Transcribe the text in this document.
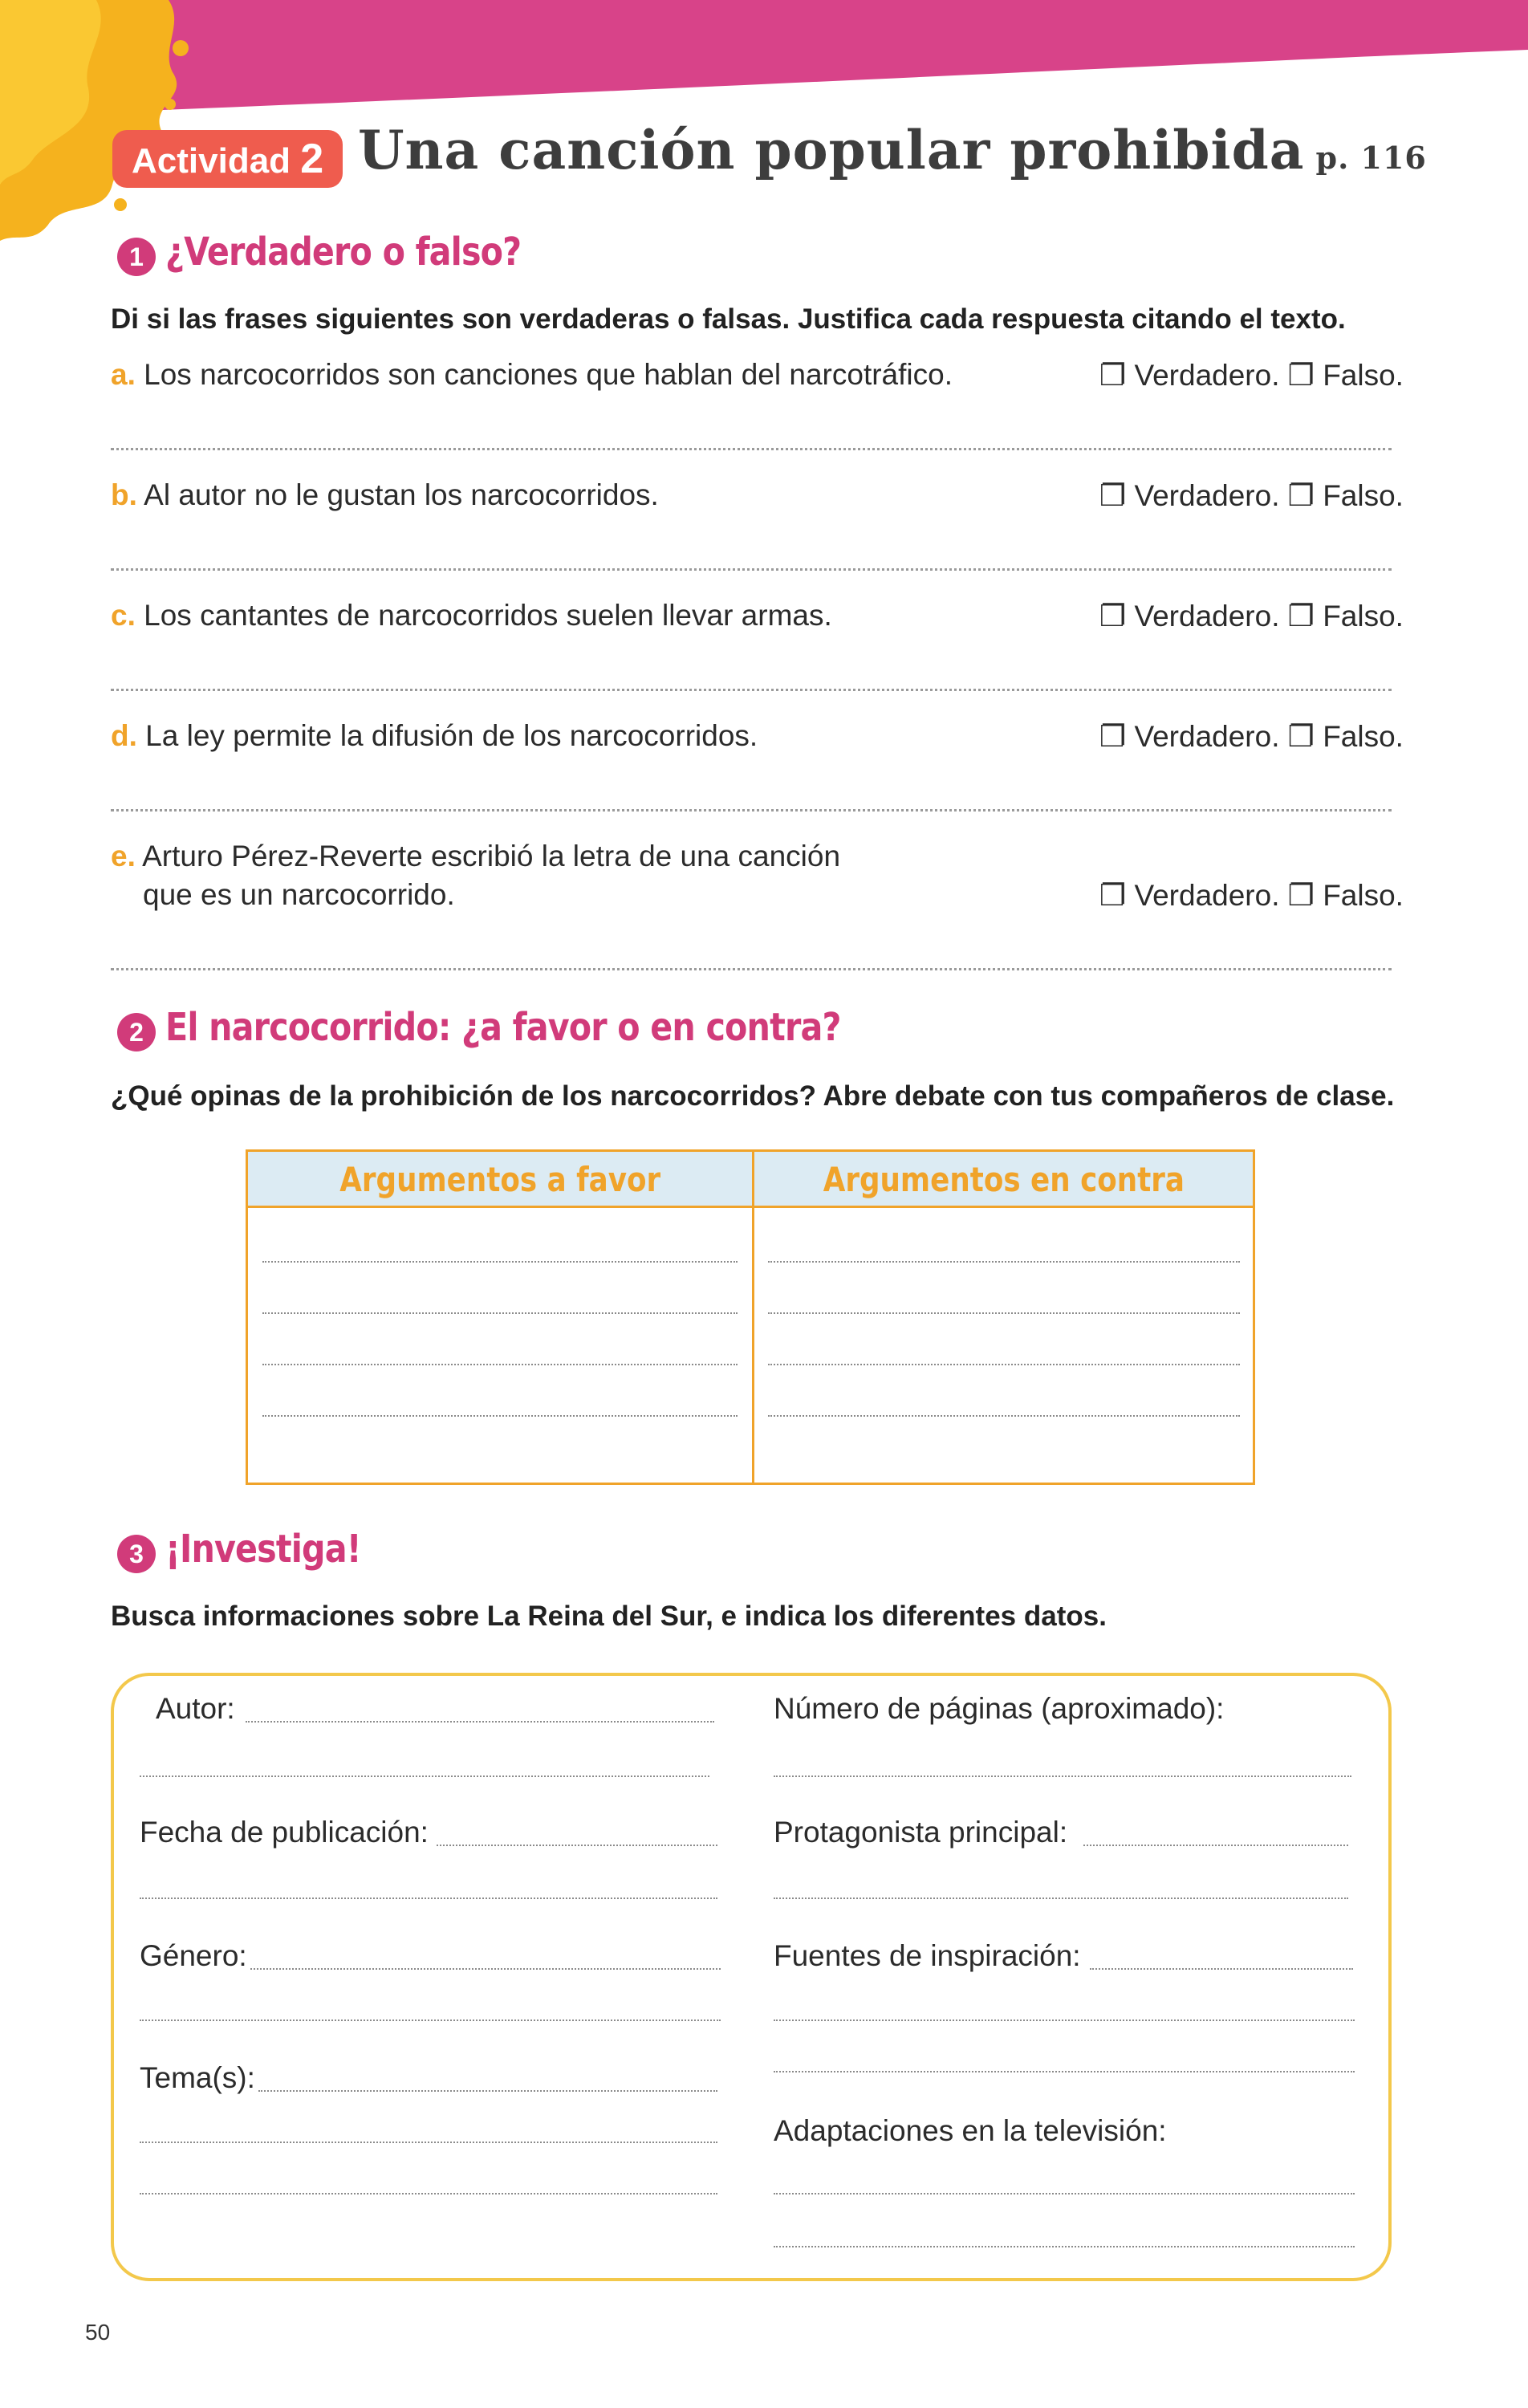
Actividad 2 Una canción popular prohibida p. 116
1 ¿Verdadero o falso?
Di si las frases siguientes son verdaderas o falsas. Justifica cada respuesta citando el texto.
a. Los narcocorridos son canciones que hablan del narcotráfico.	❐ Verdadero. ❐ Falso.
b. Al autor no le gustan los narcocorridos.	❐ Verdadero. ❐ Falso.
c. Los cantantes de narcocorridos suelen llevar armas.	❐ Verdadero. ❐ Falso.
d. La ley permite la difusión de los narcocorridos.	❐ Verdadero. ❐ Falso.
e. Arturo Pérez-Reverte escribió la letra de una canción
que es un narcocorrido.	❐ Verdadero. ❐ Falso.
2 El narcocorrido: ¿a favor o en contra?
¿Qué opinas de la prohibición de los narcocorridos? Abre debate con tus compañeros de clase.
Argumentos a favor	Argumentos en contra
3 ¡Investiga!
Busca informaciones sobre La Reina del Sur, e indica los diferentes datos.
Autor:
Fecha de publicación:
Género:
Tema(s):
Número de páginas (aproximado):
Protagonista principal:
Fuentes de inspiración:
Adaptaciones en la televisión:
50
